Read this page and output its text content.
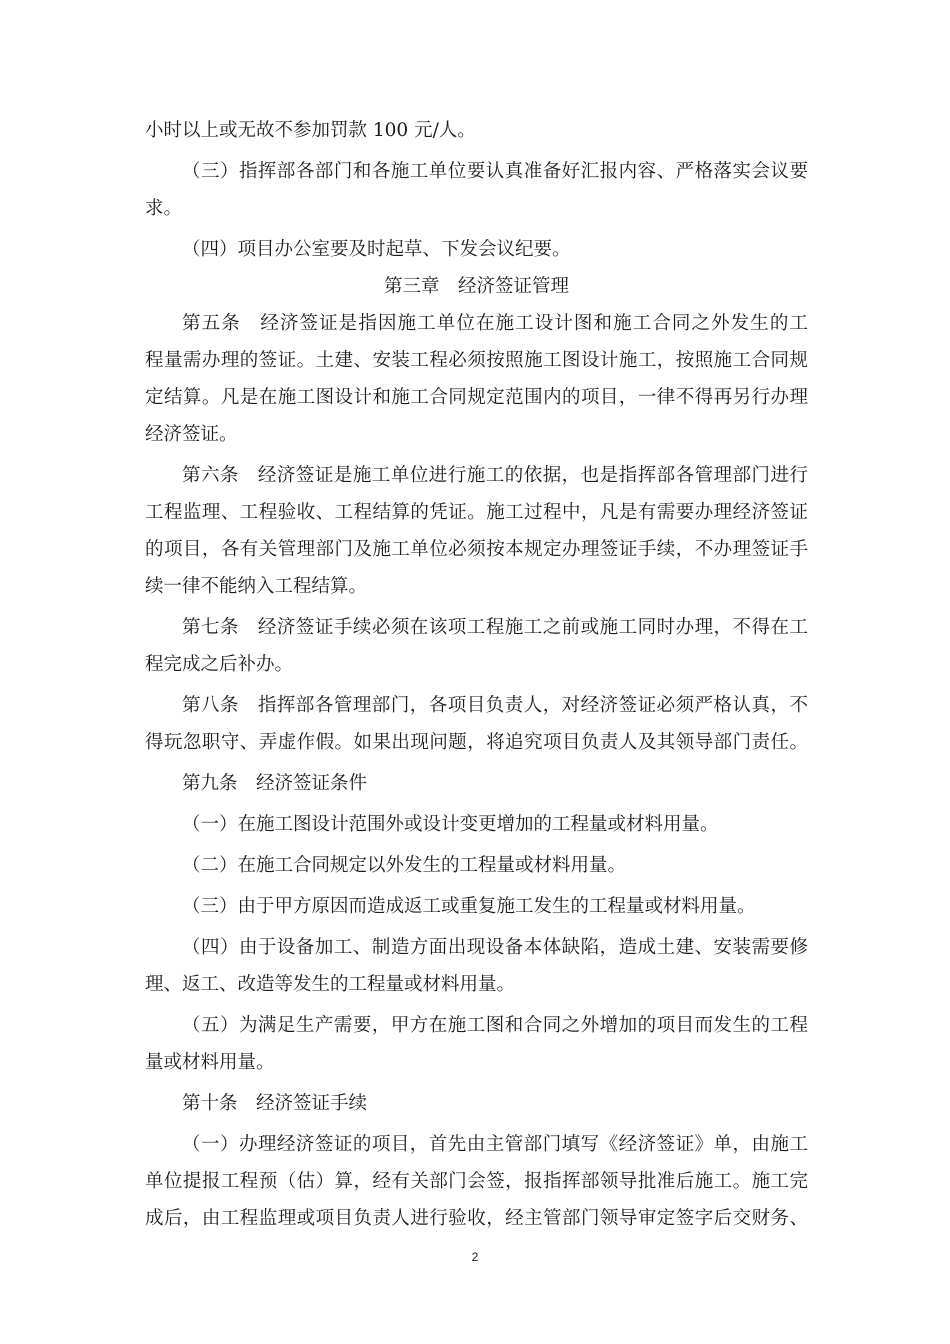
小时以上或无故不参加罚款 100 元/人。
（三）指挥部各部门和各施工单位要认真准备好汇报内容、严格落实会议要
求。
（四）项目办公室要及时起草、下发会议纪要。
第三章　经济签证管理
第五条　经济签证是指因施工单位在施工设计图和施工合同之外发生的工
程量需办理的签证。土建、安装工程必须按照施工图设计施工，按照施工合同规
定结算。凡是在施工图设计和施工合同规定范围内的项目，一律不得再另行办理
经济签证。
第六条　经济签证是施工单位进行施工的依据，也是指挥部各管理部门进行
工程监理、工程验收、工程结算的凭证。施工过程中，凡是有需要办理经济签证
的项目，各有关管理部门及施工单位必须按本规定办理签证手续，不办理签证手
续一律不能纳入工程结算。
第七条　经济签证手续必须在该项工程施工之前或施工同时办理，不得在工
程完成之后补办。
第八条　指挥部各管理部门，各项目负责人，对经济签证必须严格认真，不
得玩忽职守、弄虚作假。如果出现问题，将追究项目负责人及其领导部门责任。
第九条　经济签证条件
（一）在施工图设计范围外或设计变更增加的工程量或材料用量。
（二）在施工合同规定以外发生的工程量或材料用量。
（三）由于甲方原因而造成返工或重复施工发生的工程量或材料用量。
（四）由于设备加工、制造方面出现设备本体缺陷，造成土建、安装需要修
理、返工、改造等发生的工程量或材料用量。
（五）为满足生产需要，甲方在施工图和合同之外增加的项目而发生的工程
量或材料用量。
第十条　经济签证手续
（一）办理经济签证的项目，首先由主管部门填写《经济签证》单，由施工
单位提报工程预（估）算，经有关部门会签，报指挥部领导批准后施工。施工完
成后，由工程监理或项目负责人进行验收，经主管部门领导审定签字后交财务、
2
